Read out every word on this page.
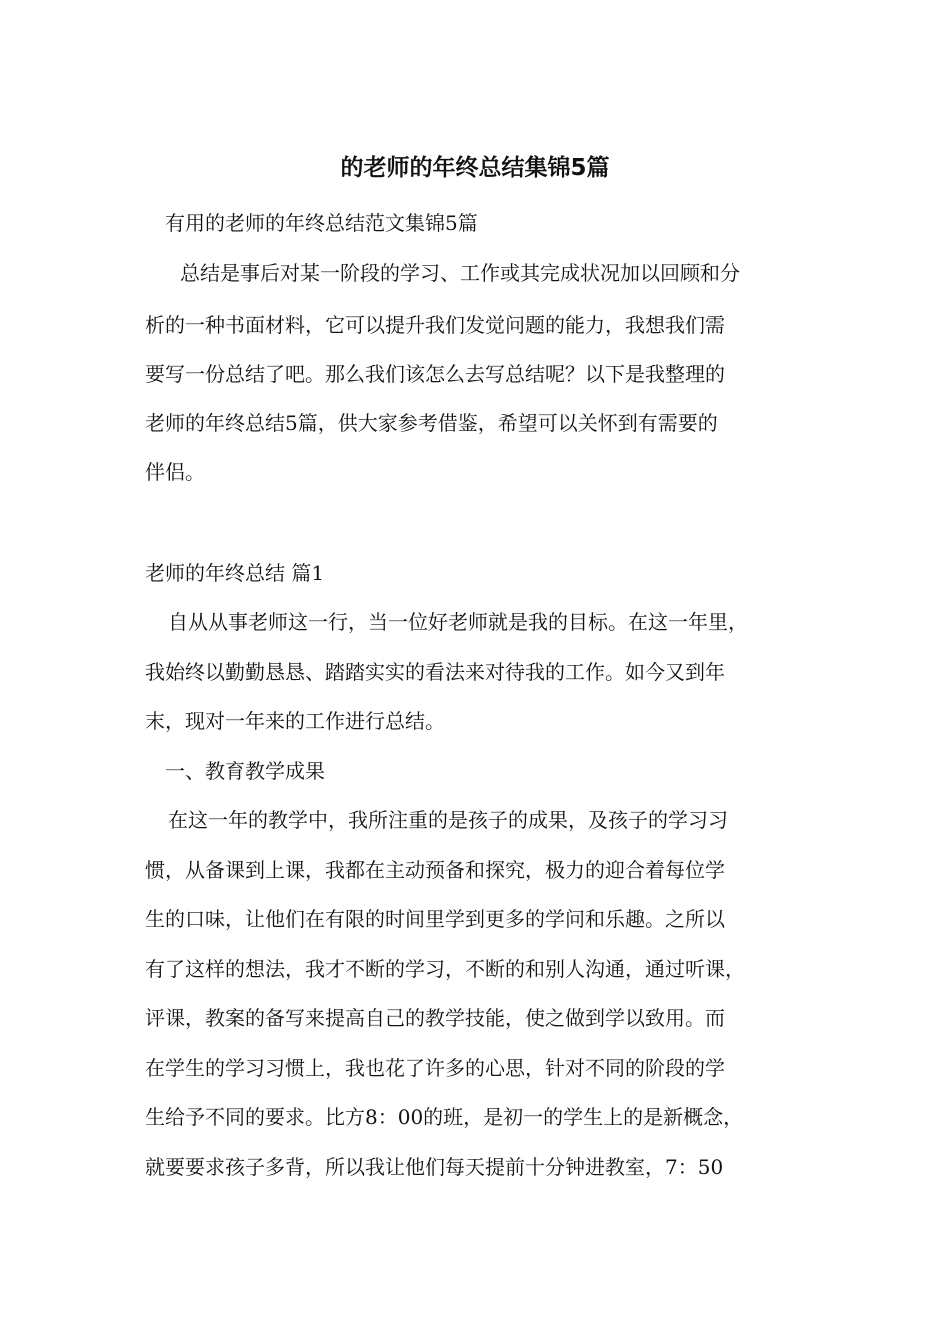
的老师的年终总结集锦5篇

有用的老师的年终总结范文集锦5篇

总结是事后对某一阶段的学习、工作或其完成状况加以回顾和分

析的一种书面材料，它可以提升我们发觉问题的能力，我想我们需

要写一份总结了吧。那么我们该怎么去写总结呢？以下是我整理的

老师的年终总结5篇，供大家参考借鉴，希望可以关怀到有需要的

伴侣。

老师的年终总结 篇1

自从从事老师这一行，当一位好老师就是我的目标。在这一年里，

我始终以勤勤恳恳、踏踏实实的看法来对待我的工作。如今又到年

末，现对一年来的工作进行总结。

一、教育教学成果

在这一年的教学中，我所注重的是孩子的成果，及孩子的学习习

惯，从备课到上课，我都在主动预备和探究，极力的迎合着每位学

生的口味，让他们在有限的时间里学到更多的学问和乐趣。之所以

有了这样的想法，我才不断的学习，不断的和别人沟通，通过听课，

评课，教案的备写来提高自己的教学技能，使之做到学以致用。而

在学生的学习习惯上，我也花了许多的心思，针对不同的阶段的学

生给予不同的要求。比方8：00的班，是初一的学生上的是新概念，

就要要求孩子多背，所以我让他们每天提前十分钟进教室，7：50
